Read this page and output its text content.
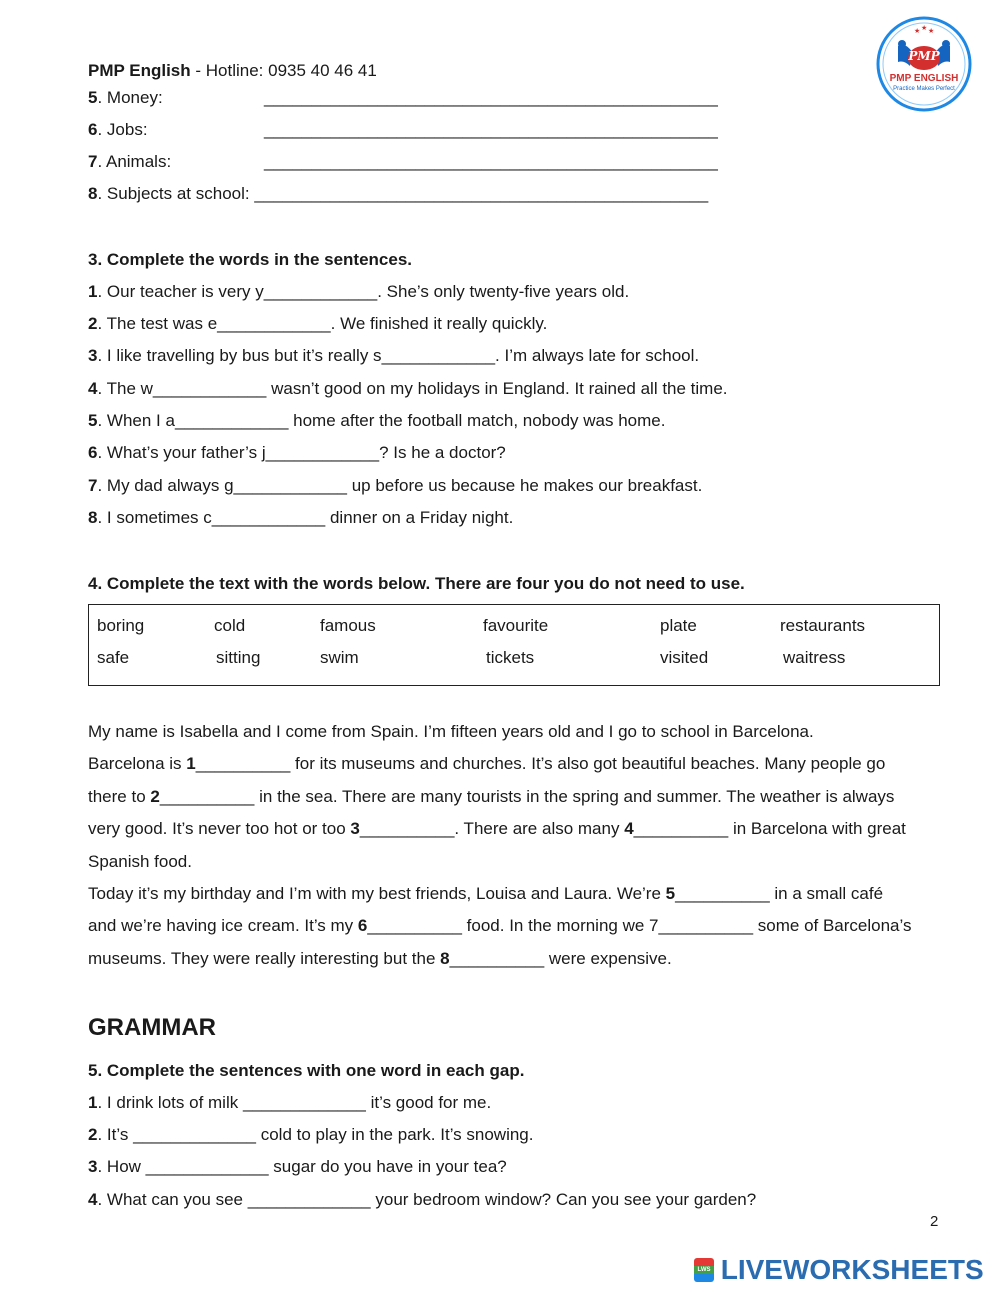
★ ★ ★
PMP
PMP ENGLISH
Practice Makes Perfect
PMP English - Hotline: 0935 40 46 41
5. Money:	________________________________________________
6. Jobs:	________________________________________________
7. Animals:	________________________________________________
8. Subjects at school: ________________________________________________
3. Complete the words in the sentences.
1. Our teacher is very y____________. She’s only twenty-five years old.
2. The test was e____________. We finished it really quickly.
3. I like travelling by bus but it’s really s____________. I’m always late for school.
4. The w____________ wasn’t good on my holidays in England. It rained all the time.
5. When I a____________ home after the football match, nobody was home.
6. What’s your father’s j____________? Is he a doctor?
7. My dad always g____________ up before us because he makes our breakfast.
8. I sometimes c____________ dinner on a Friday night.
4. Complete the text with the words below. There are four you do not need to use.
boring	cold	famous	favourite	plate	restaurants
safe	sitting	swim	tickets	visited	waitress
My name is Isabella and I come from Spain. I’m fifteen years old and I go to school in Barcelona.
Barcelona is 1__________ for its museums and churches. It’s also got beautiful beaches. Many people go
there to 2__________ in the sea. There are many tourists in the spring and summer. The weather is always
very good. It’s never too hot or too 3__________. There are also many 4__________ in Barcelona with great
Spanish food.
Today it’s my birthday and I’m with my best friends, Louisa and Laura. We’re 5__________ in a small café
and we’re having ice cream. It’s my 6__________ food. In the morning we 7__________ some of Barcelona’s
museums. They were really interesting but the 8__________ were expensive.
GRAMMAR
5. Complete the sentences with one word in each gap.
1. I drink lots of milk _____________ it’s good for me.
2. It’s _____________ cold to play in the park. It’s snowing.
3. How _____________ sugar do you have in your tea?
4. What can you see _____________ your bedroom window? Can you see your garden?
2
LWS LIVEWORKSHEETS
